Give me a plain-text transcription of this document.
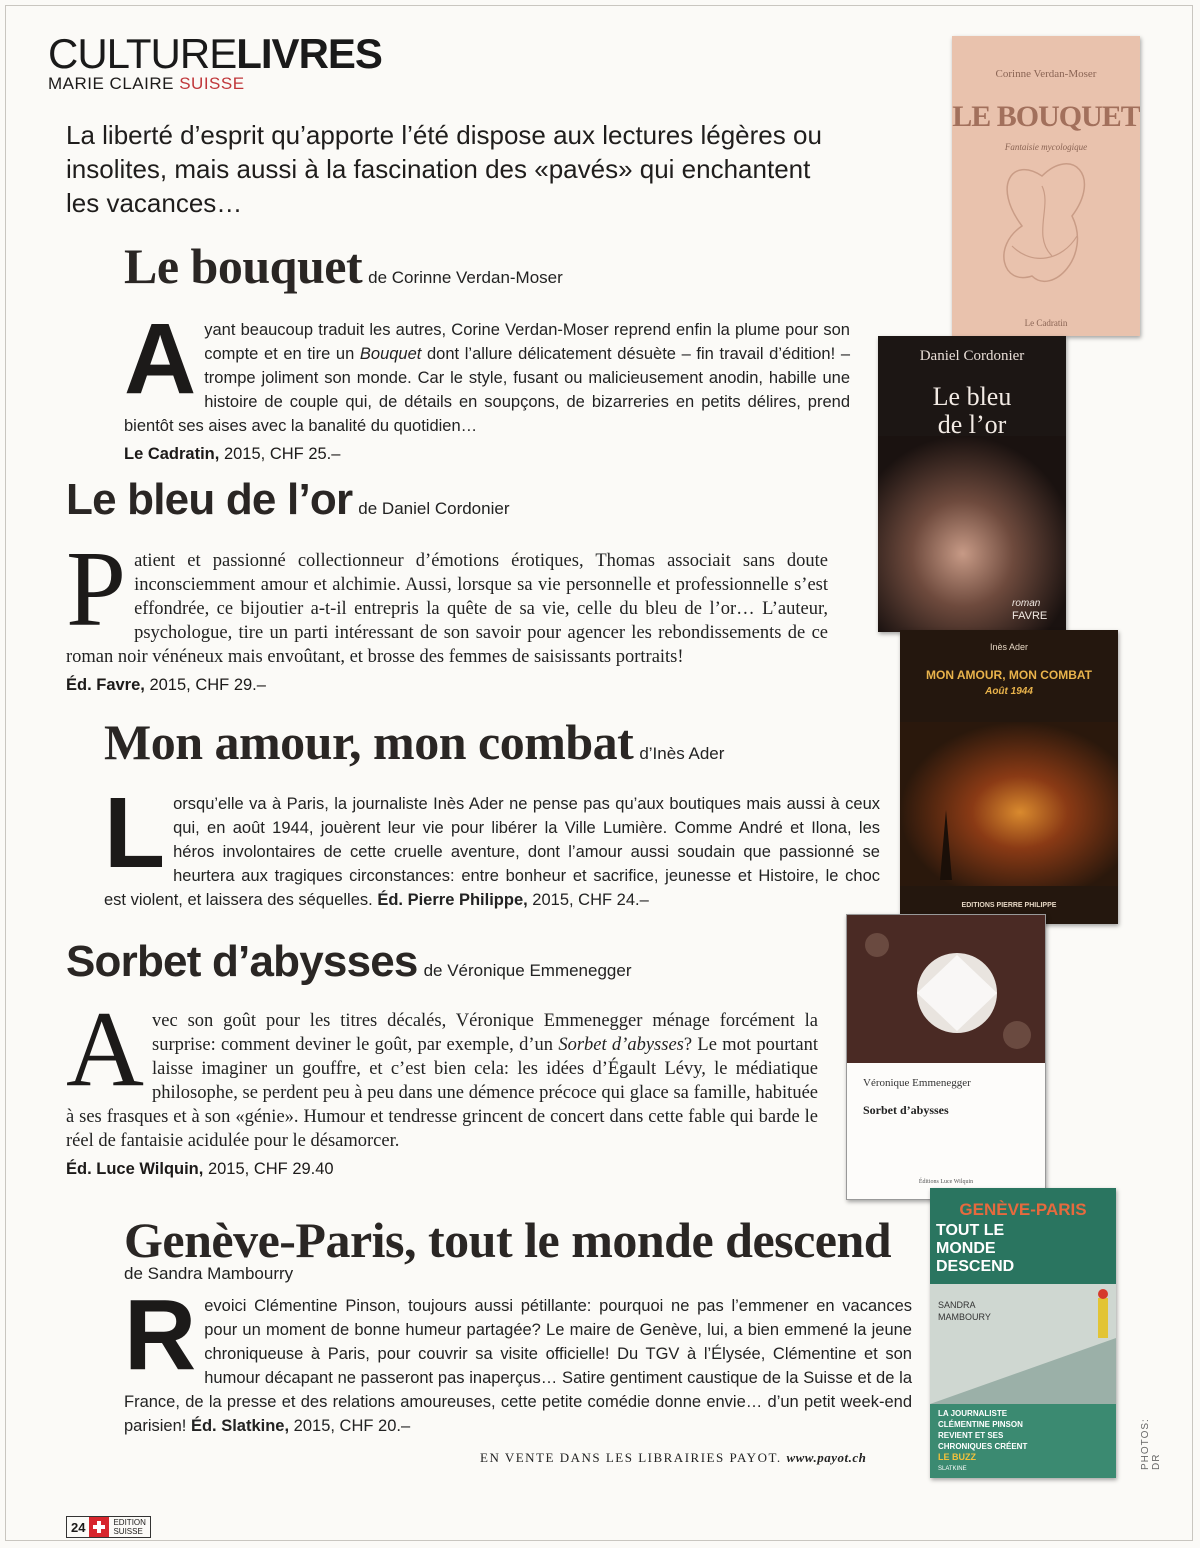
CULTURELIVRES
MARIE CLAIRE SUISSE
La liberté d’esprit qu’apporte l’été dispose aux lectures légères ou insolites, mais aussi à la fascination des «pavés» qui enchantent les vacances…
Le bouquet de Corinne Verdan-Moser
Ayant beaucoup traduit les autres, Corine Verdan-Moser reprend enfin la plume pour son compte et en tire un Bouquet dont l’allure délicatement désuète – fin travail d’édition! – trompe joliment son monde. Car le style, fusant ou malicieusement anodin, habille une histoire de couple qui, de détails en soupçons, de bizarreries en petits délires, prend bientôt ses aises avec la banalité du quotidien…
Le Cadratin, 2015, CHF 25.–
Le bleu de l’or de Daniel Cordonier
Patient et passionné collectionneur d’émotions érotiques, Thomas associait sans doute inconsciemment amour et alchimie. Aussi, lorsque sa vie personnelle et professionnelle s’est effondrée, ce bijoutier a-t-il entrepris la quête de sa vie, celle du bleu de l’or… L’auteur, psychologue, tire un parti intéressant de son savoir pour agencer les rebondissements de ce roman noir vénéneux mais envoûtant, et brosse des femmes de saisissants portraits!
Éd. Favre, 2015, CHF 29.–
Mon amour, mon combat d’Inès Ader
Lorsqu’elle va à Paris, la journaliste Inès Ader ne pense pas qu’aux boutiques mais aussi à ceux qui, en août 1944, jouèrent leur vie pour libérer la Ville Lumière. Comme André et Ilona, les héros involontaires de cette cruelle aventure, dont l’amour aussi soudain que passionné se heurtera aux tragiques circonstances: entre bonheur et sacrifice, jeunesse et Histoire, le choc est violent, et laissera des séquelles. Éd. Pierre Philippe, 2015, CHF 24.–
Sorbet d’abysses de Véronique Emmenegger
Avec son goût pour les titres décalés, Véronique Emmenegger ménage forcément la surprise: comment deviner le goût, par exemple, d’un Sorbet d’abysses? Le mot pourtant laisse imaginer un gouffre, et c’est bien cela: les idées d’Égault Lévy, le médiatique philosophe, se perdent peu à peu dans une démence précoce qui glace sa famille, habituée à ses frasques et à son «génie». Humour et tendresse grincent de concert dans cette fable qui barde le réel de fantaisie acidulée pour le désamorcer.
Éd. Luce Wilquin, 2015, CHF 29.40
Genève-Paris, tout le monde descend
de Sandra Mambourry
Revoici Clémentine Pinson, toujours aussi pétillante: pourquoi ne pas l’emmener en vacances pour un moment de bonne humeur partagée? Le maire de Genève, lui, a bien emmené la jeune chroniqueuse à Paris, pour couvrir sa visite officielle! Du TGV à l’Élysée, Clémentine et son humour décapant ne passeront pas inaperçus… Satire gentiment caustique de la Suisse et de la France, de la presse et des relations amoureuses, cette petite comédie donne envie… d’un petit week-end parisien! Éd. Slatkine, 2015, CHF 20.–
Corinne Verdan-Moser
LE BOUQUET
Fantaisie mycologique
Le Cadratin
Daniel Cordonier
Le bleu
de l’or
roman
FAVRE
Inès Ader
MON AMOUR, MON COMBAT
Août 1944
EDITIONS PIERRE PHILIPPE
Véronique Emmenegger
Sorbet d’abysses
Éditions Luce Wilquin
GENÈVE-PARIS
TOUT LE
MONDE
DESCEND
SANDRA
MAMBOURY
LA JOURNALISTE CLÉMENTINE PINSON REVIENT ET SES CHRONIQUES CRÉENT
LE BUZZ
SLATKINE
EN VENTE DANS LES LIBRAIRIES PAYOT. www.payot.ch	PHOTOS: DR
24	EDITION
SUISSE
